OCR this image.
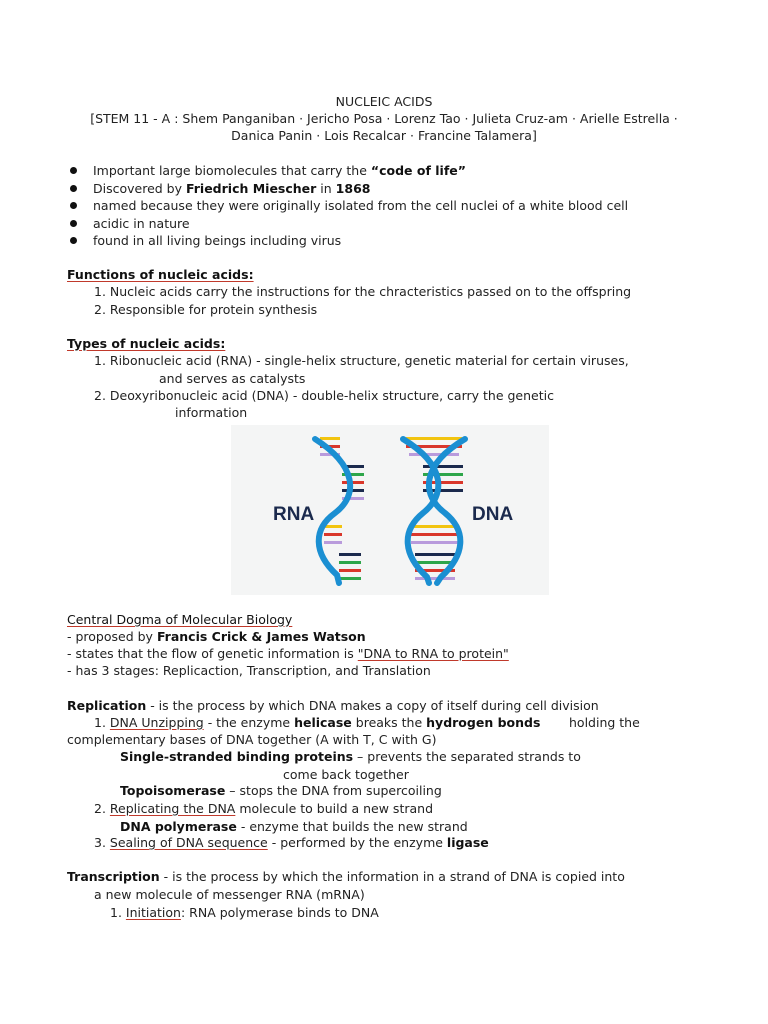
NUCLEIC ACIDS
[STEM 11 - A : Shem Panganiban · Jericho Posa · Lorenz Tao · Julieta Cruz-am · Arielle Estrella ·
Danica Panin · Lois Recalcar · Francine Talamera]
Important large biomolecules that carry the “code of life”
Discovered by Friedrich Miescher in 1868
named because they were originally isolated from the cell nuclei of a white blood cell
acidic in nature
found in all living beings including virus
Functions of nucleic acids:
1. Nucleic acids carry the instructions for the chracteristics passed on to the offspring
2. Responsible for protein synthesis
Types of nucleic acids:
1. Ribonucleic acid (RNA) - single-helix structure, genetic material for certain viruses,
and serves as catalysts
2. Deoxyribonucleic acid (DNA) - double-helix structure, carry the genetic
information
RNA	DNA
Central Dogma of Molecular Biology
- proposed by Francis Crick & James Watson
- states that the flow of genetic information is "DNA to RNA to protein"
- has 3 stages: Replicaction, Transcription, and Translation
Replication - is the process by which DNA makes a copy of itself during cell division
1. DNA Unzipping - the enzyme helicase breaks the hydrogen bonds holding the
complementary bases of DNA together (A with T, C with G)
Single-stranded binding proteins – prevents the separated strands to
come back together
Topoisomerase – stops the DNA from supercoiling
2. Replicating the DNA molecule to build a new strand
DNA polymerase - enzyme that builds the new strand
3. Sealing of DNA sequence - performed by the enzyme ligase
Transcription - is the process by which the information in a strand of DNA is copied into
a new molecule of messenger RNA (mRNA)
1. Initiation: RNA polymerase binds to DNA
